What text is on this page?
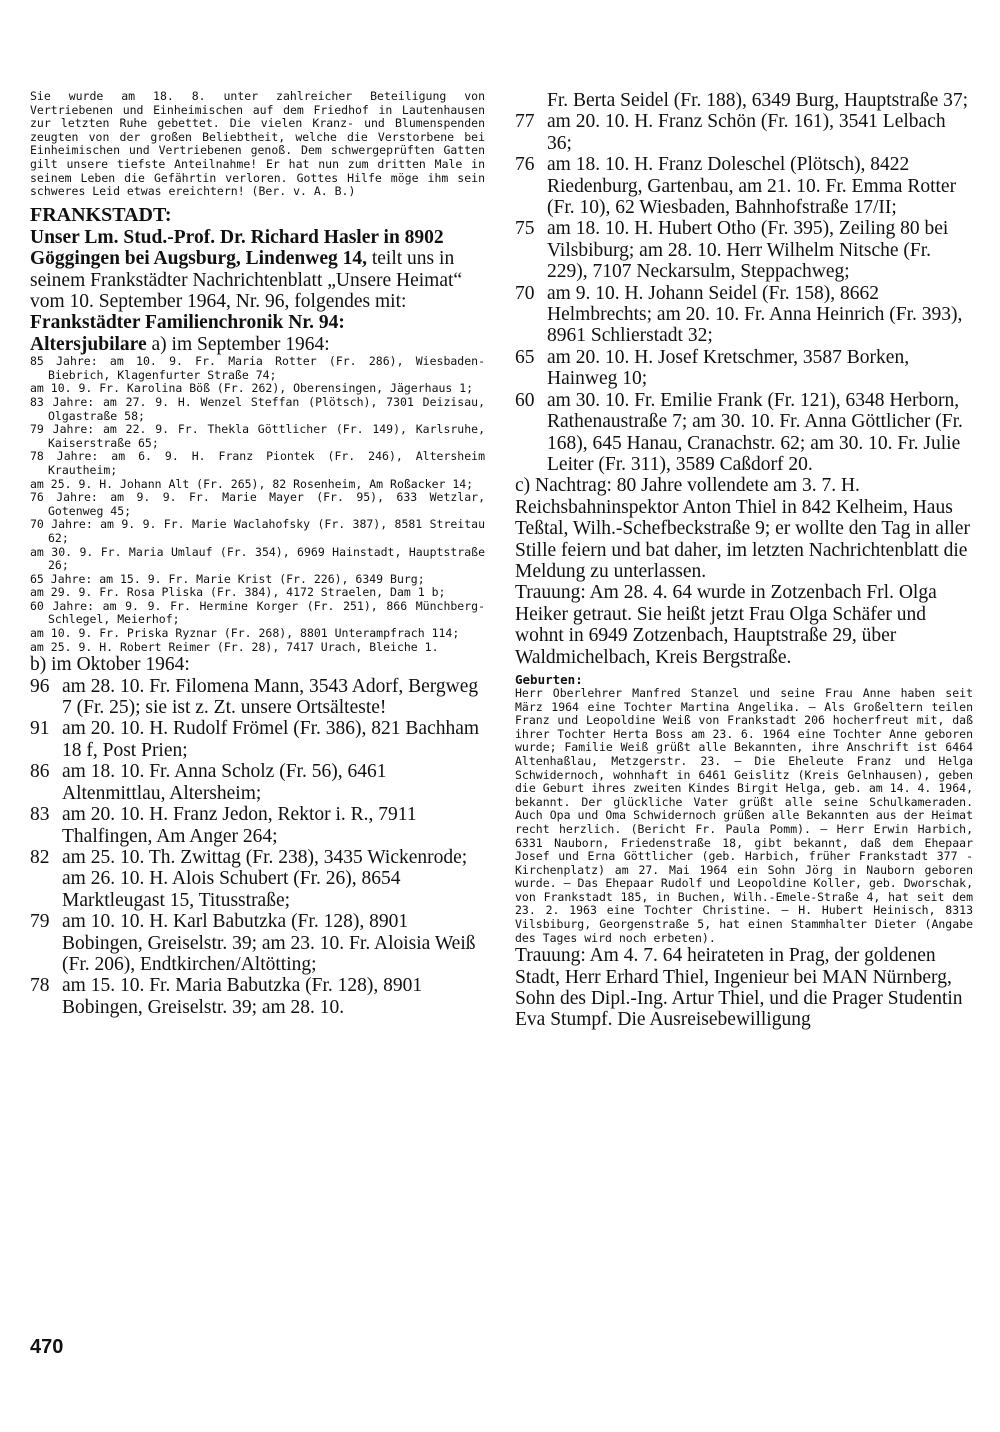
Sie wurde am 18. 8. unter zahlreicher Beteiligung von Vertriebenen und Einheimischen auf dem Friedhof in Lautenhausen zur letzten Ruhe gebettet. Die vielen Kranz- und Blumenspenden zeugten von der großen Beliebtheit, welche die Verstorbene bei Einheimischen und Vertriebenen genoß. Dem schwergeprüften Gatten gilt unsere tiefste Anteilnahme! Er hat nun zum dritten Male in seinem Leben die Gefährtin verloren. Gottes Hilfe möge ihm sein schweres Leid etwas ereichtern! (Ber. v. A. B.)

FRANKSTADT:

Unser Lm. Stud.-Prof. Dr. Richard Hasler in 8902 Göggingen bei Augsburg, Lindenweg 14, teilt uns in seinem Frankstädter Nachrichtenblatt „Unsere Heimat“ vom 10. September 1964, Nr. 96, folgendes mit:

Frankstädter Familienchronik Nr. 94:

Altersjubilare a) im September 1964:

85 Jahre: am 10. 9. Fr. Maria Rotter (Fr. 286), Wiesbaden-Biebrich, Klagenfurter Straße 74;

am 10. 9. Fr. Karolina Böß (Fr. 262), Oberensingen, Jägerhaus 1;

83 Jahre: am 27. 9. H. Wenzel Steffan (Plötsch), 7301 Deizisau, Olgastraße 58;

79 Jahre: am 22. 9. Fr. Thekla Göttlicher (Fr. 149), Karlsruhe, Kaiserstraße 65;

78 Jahre: am 6. 9. H. Franz Piontek (Fr. 246), Altersheim Krautheim;

am 25. 9. H. Johann Alt (Fr. 265), 82 Rosenheim, Am Roßacker 14;

76 Jahre: am 9. 9. Fr. Marie Mayer (Fr. 95), 633 Wetzlar, Gotenweg 45;

70 Jahre: am 9. 9. Fr. Marie Waclahofsky (Fr. 387), 8581 Streitau 62;

am 30. 9. Fr. Maria Umlauf (Fr. 354), 6969 Hainstadt, Hauptstraße 26;

65 Jahre: am 15. 9. Fr. Marie Krist (Fr. 226), 6349 Burg;

am 29. 9. Fr. Rosa Pliska (Fr. 384), 4172 Straelen, Dam 1 b;

60 Jahre: am 9. 9. Fr. Hermine Korger (Fr. 251), 866 Münchberg-Schlegel, Meierhof;

am 10. 9. Fr. Priska Ryznar (Fr. 268), 8801 Unterampfrach 114;

am 25. 9. H. Robert Reimer (Fr. 28), 7417 Urach, Bleiche 1.

b) im Oktober 1964:

96 am 28. 10. Fr. Filomena Mann, 3543 Adorf, Bergweg 7 (Fr. 25); sie ist z. Zt. unsere Ortsälteste!

91 am 20. 10. H. Rudolf Frömel (Fr. 386), 821 Bachham 18 f, Post Prien;

86 am 18. 10. Fr. Anna Scholz (Fr. 56), 6461 Altenmittlau, Altersheim;

83 am 20. 10. H. Franz Jedon, Rektor i. R., 7911 Thalfingen, Am Anger 264;

82 am 25. 10. Th. Zwittag (Fr. 238), 3435 Wickenrode; am 26. 10. H. Alois Schubert (Fr. 26), 8654 Marktleugast 15, Titusstraße;

79 am 10. 10. H. Karl Babutzka (Fr. 128), 8901 Bobingen, Greiselstr. 39; am 23. 10. Fr. Aloisia Weiß (Fr. 206), Endtkirchen/Altötting;

78 am 15. 10. Fr. Maria Babutzka (Fr. 128), 8901 Bobingen, Greiselstr. 39; am 28. 10.

Fr. Berta Seidel (Fr. 188), 6349 Burg, Hauptstraße 37;

77 am 20. 10. H. Franz Schön (Fr. 161), 3541 Lelbach 36;

76 am 18. 10. H. Franz Doleschel (Plötsch), 8422 Riedenburg, Gartenbau, am 21. 10. Fr. Emma Rotter (Fr. 10), 62 Wiesbaden, Bahnhofstraße 17/II;

75 am 18. 10. H. Hubert Otho (Fr. 395), Zeiling 80 bei Vilsbiburg; am 28. 10. Herr Wilhelm Nitsche (Fr. 229), 7107 Neckarsulm, Steppachweg;

70 am 9. 10. H. Johann Seidel (Fr. 158), 8662 Helmbrechts; am 20. 10. Fr. Anna Heinrich (Fr. 393), 8961 Schlierstadt 32;

65 am 20. 10. H. Josef Kretschmer, 3587 Borken, Hainweg 10;

60 am 30. 10. Fr. Emilie Frank (Fr. 121), 6348 Herborn, Rathenaustraße 7; am 30. 10. Fr. Anna Göttlicher (Fr. 168), 645 Hanau, Cranachstr. 62; am 30. 10. Fr. Julie Leiter (Fr. 311), 3589 Caßdorf 20.

c) Nachtrag: 80 Jahre vollendete am 3. 7. H. Reichsbahninspektor Anton Thiel in 842 Kelheim, Haus Teßtal, Wilh.-Schefbeckstraße 9; er wollte den Tag in aller Stille feiern und bat daher, im letzten Nachrichtenblatt die Meldung zu unterlassen.

Trauung: Am 28. 4. 64 wurde in Zotzenbach Frl. Olga Heiker getraut. Sie heißt jetzt Frau Olga Schäfer und wohnt in 6949 Zotzenbach, Hauptstraße 29, über Waldmichelbach, Kreis Bergstraße.

Geburten:

Herr Oberlehrer Manfred Stanzel und seine Frau Anne haben seit März 1964 eine Tochter Martina Angelika. — Als Großeltern teilen Franz und Leopoldine Weiß von Frankstadt 206 hocherfreut mit, daß ihrer Tochter Herta Boss am 23. 6. 1964 eine Tochter Anne geboren wurde; Familie Weiß grüßt alle Bekannten, ihre Anschrift ist 6464 Altenhaßlau, Metzgerstr. 23. — Die Eheleute Franz und Helga Schwidernoch, wohnhaft in 6461 Geislitz (Kreis Gelnhausen), geben die Geburt ihres zweiten Kindes Birgit Helga, geb. am 14. 4. 1964, bekannt. Der glückliche Vater grüßt alle seine Schulkameraden. Auch Opa und Oma Schwidernoch grüßen alle Bekannten aus der Heimat recht herzlich. (Bericht Fr. Paula Pomm). — Herr Erwin Harbich, 6331 Nauborn, Friedenstraße 18, gibt bekannt, daß dem Ehepaar Josef und Erna Göttlicher (geb. Harbich, früher Frankstadt 377 - Kirchenplatz) am 27. Mai 1964 ein Sohn Jörg in Nauborn geboren wurde. — Das Ehepaar Rudolf und Leopoldine Koller, geb. Dworschak, von Frankstadt 185, in Buchen, Wilh.-Emele-Straße 4, hat seit dem 23. 2. 1963 eine Tochter Christine. — H. Hubert Heinisch, 8313 Vilsbiburg, Georgenstraße 5, hat einen Stammhalter Dieter (Angabe des Tages wird noch erbeten).

Trauung: Am 4. 7. 64 heirateten in Prag, der goldenen Stadt, Herr Erhard Thiel, Ingenieur bei MAN Nürnberg, Sohn des Dipl.-Ing. Artur Thiel, und die Prager Studentin Eva Stumpf. Die Ausreisebewilligung

470
